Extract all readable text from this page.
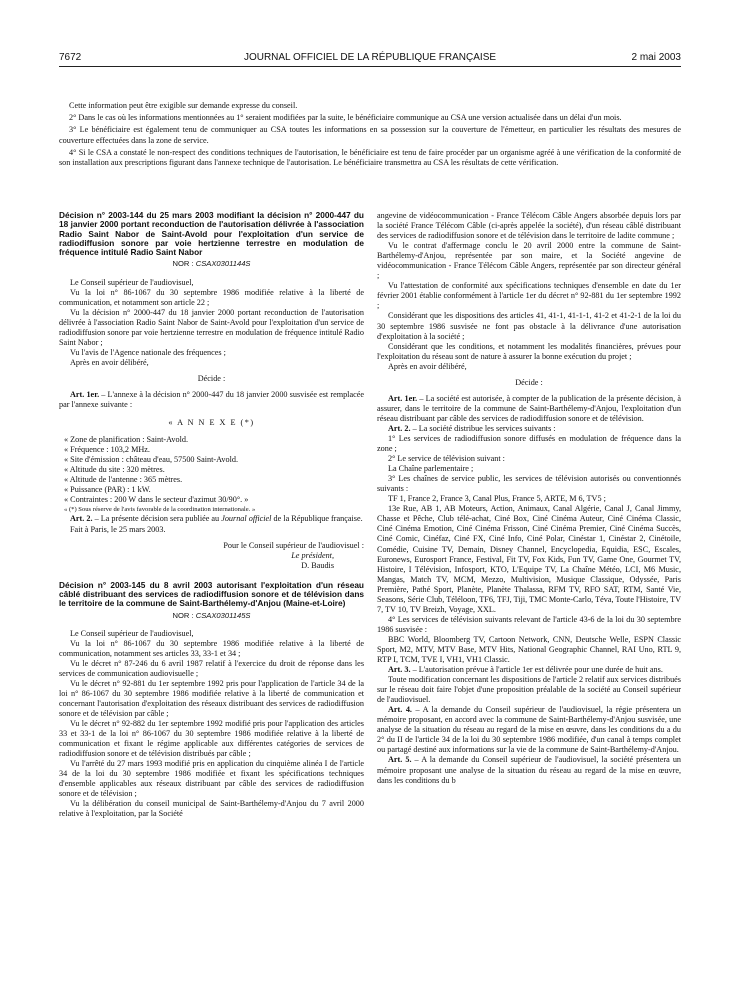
JOURNAL OFFICIEL DE LA RÉPUBLIQUE FRANÇAISE
7672	2 mai 2003

Cette information peut être exigible sur demande expresse du conseil.

2° Dans le cas où les informations mentionnées au 1° seraient modifiées par la suite, le bénéficiaire communique au CSA une version actualisée dans un délai d'un mois.

3° Le bénéficiaire est également tenu de communiquer au CSA toutes les informations en sa possession sur la couverture de l'émetteur, en particulier les résultats des mesures de couverture effectuées dans la zone de service.

4° Si le CSA a constaté le non-respect des conditions techniques de l'autorisation, le bénéficiaire est tenu de faire procéder par un organisme agréé à une vérification de la conformité de son installation aux prescriptions figurant dans l'annexe technique de l'autorisation. Le bénéficiaire transmettra au CSA les résultats de cette vérification.

Décision n° 2003-144 du 25 mars 2003 modifiant la décision n° 2000-447 du 18 janvier 2000 portant reconduction de l'autorisation délivrée à l'association Radio Saint Nabor de Saint-Avold pour l'exploitation d'un service de radiodiffusion sonore par voie hertzienne terrestre en modulation de fréquence intitulé Radio Saint Nabor

NOR : CSAX0301144S

Le Conseil supérieur de l'audiovisuel,

Vu la loi n° 86-1067 du 30 septembre 1986 modifiée relative à la liberté de communication, et notamment son article 22 ;

Vu la décision n° 2000-447 du 18 janvier 2000 portant reconduction de l'autorisation délivrée à l'association Radio Saint Nabor de Saint-Avold pour l'exploitation d'un service de radiodiffusion sonore par voie hertzienne terrestre en modulation de fréquence intitulé Radio Saint Nabor ;

Vu l'avis de l'Agence nationale des fréquences ;

Après en avoir délibéré,

Décide :

Art. 1er. – L'annexe à la décision n° 2000-447 du 18 janvier 2000 susvisée est remplacée par l'annexe suivante :

« A N N E X E (*)

« Zone de planification : Saint-Avold.

« Fréquence : 103,2 MHz.

« Site d'émission : château d'eau, 57500 Saint-Avold.

« Altitude du site : 320 mètres.

« Altitude de l'antenne : 365 mètres.

« Puissance (PAR) : 1 kW.

« Contraintes : 200 W dans le secteur d'azimut 30/90°. »

« (*) Sous réserve de l'avis favorable de la coordination internationale. »

Art. 2. – La présente décision sera publiée au Journal officiel de la République française.

Fait à Paris, le 25 mars 2003.

Pour le Conseil supérieur de l'audiovisuel :

Le président,

D. Baudis

Décision n° 2003-145 du 8 avril 2003 autorisant l'exploitation d'un réseau câblé distribuant des services de radiodiffusion sonore et de télévision dans le territoire de la commune de Saint-Barthélemy-d'Anjou (Maine-et-Loire)

NOR : CSAX0301145S

Le Conseil supérieur de l'audiovisuel,

Vu la loi n° 86-1067 du 30 septembre 1986 modifiée relative à la liberté de communication, notamment ses articles 33, 33-1 et 34 ;

Vu le décret n° 87-246 du 6 avril 1987 relatif à l'exercice du droit de réponse dans les services de communication audiovisuelle ;

Vu le décret n° 92-881 du 1er septembre 1992 pris pour l'application de l'article 34 de la loi n° 86-1067 du 30 septembre 1986 modifiée relative à la liberté de communication et concernant l'autorisation d'exploitation des réseaux distribuant des services de radiodiffusion sonore et de télévision par câble ;

Vu le décret n° 92-882 du 1er septembre 1992 modifié pris pour l'application des articles 33 et 33-1 de la loi n° 86-1067 du 30 septembre 1986 modifiée relative à la liberté de communication et fixant le régime applicable aux différentes catégories de services de radiodiffusion sonore et de télévision distribués par câble ;

Vu l'arrêté du 27 mars 1993 modifié pris en application du cinquième alinéa I de l'article 34 de la loi du 30 septembre 1986 modifiée et fixant les spécifications techniques d'ensemble applicables aux réseaux distribuant par câble des services de radiodiffusion sonore et de télévision ;

Vu la délibération du conseil municipal de Saint-Barthélemy-d'Anjou du 7 avril 2000 relative à l'exploitation, par la Société

angevine de vidéocommunication - France Télécom Câble Angers absorbée depuis lors par la société France Télécom Câble (ci-après appelée la société), d'un réseau câblé distribuant des services de radiodiffusion sonore et de télévision dans le territoire de ladite commune ;

Vu le contrat d'affermage conclu le 20 avril 2000 entre la commune de Saint-Barthélemy-d'Anjou, représentée par son maire, et la Société angevine de vidéocommunication - France Télécom Câble Angers, représentée par son directeur général ;

Vu l'attestation de conformité aux spécifications techniques d'ensemble en date du 1er février 2001 établie conformément à l'article 1er du décret n° 92-881 du 1er septembre 1992 ;

Considérant que les dispositions des articles 41, 41-1, 41-1-1, 41-2 et 41-2-1 de la loi du 30 septembre 1986 susvisée ne font pas obstacle à la délivrance d'une autorisation d'exploitation à la société ;

Considérant que les conditions, et notamment les modalités financières, prévues pour l'exploitation du réseau sont de nature à assurer la bonne exécution du projet ;

Après en avoir délibéré,

Décide :

Art. 1er. – La société est autorisée, à compter de la publication de la présente décision, à assurer, dans le territoire de la commune de Saint-Barthélemy-d'Anjou, l'exploitation d'un réseau distribuant par câble des services de radiodiffusion sonore et de télévision.

Art. 2. – La société distribue les services suivants :

1° Les services de radiodiffusion sonore diffusés en modulation de fréquence dans la zone ;

2° Le service de télévision suivant :

La Chaîne parlementaire ;

3° Les chaînes de service public, les services de télévision autorisés ou conventionnés suivants :

TF 1, France 2, France 3, Canal Plus, France 5, ARTE, M 6, TV5 ;

13e Rue, AB 1, AB Moteurs, Action, Animaux, Canal Algérie, Canal J, Canal Jimmy, Chasse et Pêche, Club télé-achat, Ciné Box, Ciné Cinéma Auteur, Ciné Cinéma Classic, Ciné Cinéma Emotion, Ciné Cinéma Frisson, Ciné Cinéma Premier, Ciné Cinéma Succès, Ciné Comic, Cinéfaz, Ciné FX, Ciné Info, Ciné Polar, Cinéstar 1, Cinéstar 2, Cinétoile, Comédie, Cuisine TV, Demain, Disney Channel, Encyclopedia, Equidia, ESC, Escales, Euronews, Eurosport France, Festival, Fit TV, Fox Kids, Fun TV, Game One, Gourmet TV, Histoire, I Télévision, Infosport, KTO, L'Equipe TV, La Chaîne Météo, LCI, M6 Music, Mangas, Match TV, MCM, Mezzo, Multivision, Musique Classique, Odyssée, Paris Première, Pathé Sport, Planète, Planète Thalassa, RFM TV, RFO SAT, RTM, Santé Vie, Seasons, Série Club, Téléloon, TF6, TFJ, Tiji, TMC Monte-Carlo, Téva, Toute l'Histoire, TV 7, TV 10, TV Breizh, Voyage, XXL.

4° Les services de télévision suivants relevant de l'article 43-6 de la loi du 30 septembre 1986 susvisée :

BBC World, Bloomberg TV, Cartoon Network, CNN, Deutsche Welle, ESPN Classic Sport, M2, MTV, MTV Base, MTV Hits, National Geographic Channel, RAI Uno, RTL 9, RTP I, TCM, TVE I, VH1, VH1 Classic.

Art. 3. – L'autorisation prévue à l'article 1er est délivrée pour une durée de huit ans.

Toute modification concernant les dispositions de l'article 2 relatif aux services distribués sur le réseau doit faire l'objet d'une proposition préalable de la société au Conseil supérieur de l'audiovisuel.

Art. 4. – A la demande du Conseil supérieur de l'audiovisuel, la régie présentera un mémoire proposant, en accord avec la commune de Saint-Barthélemy-d'Anjou susvisée, une analyse de la situation du réseau au regard de la mise en œuvre, dans les conditions du a du 2° du II de l'article 34 de la loi du 30 septembre 1986 modifiée, d'un canal à temps complet ou partagé destiné aux informations sur la vie de la commune de Saint-Barthélemy-d'Anjou.

Art. 5. – A la demande du Conseil supérieur de l'audiovisuel, la société présentera un mémoire proposant une analyse de la situation du réseau au regard de la mise en œuvre, dans les conditions du b
